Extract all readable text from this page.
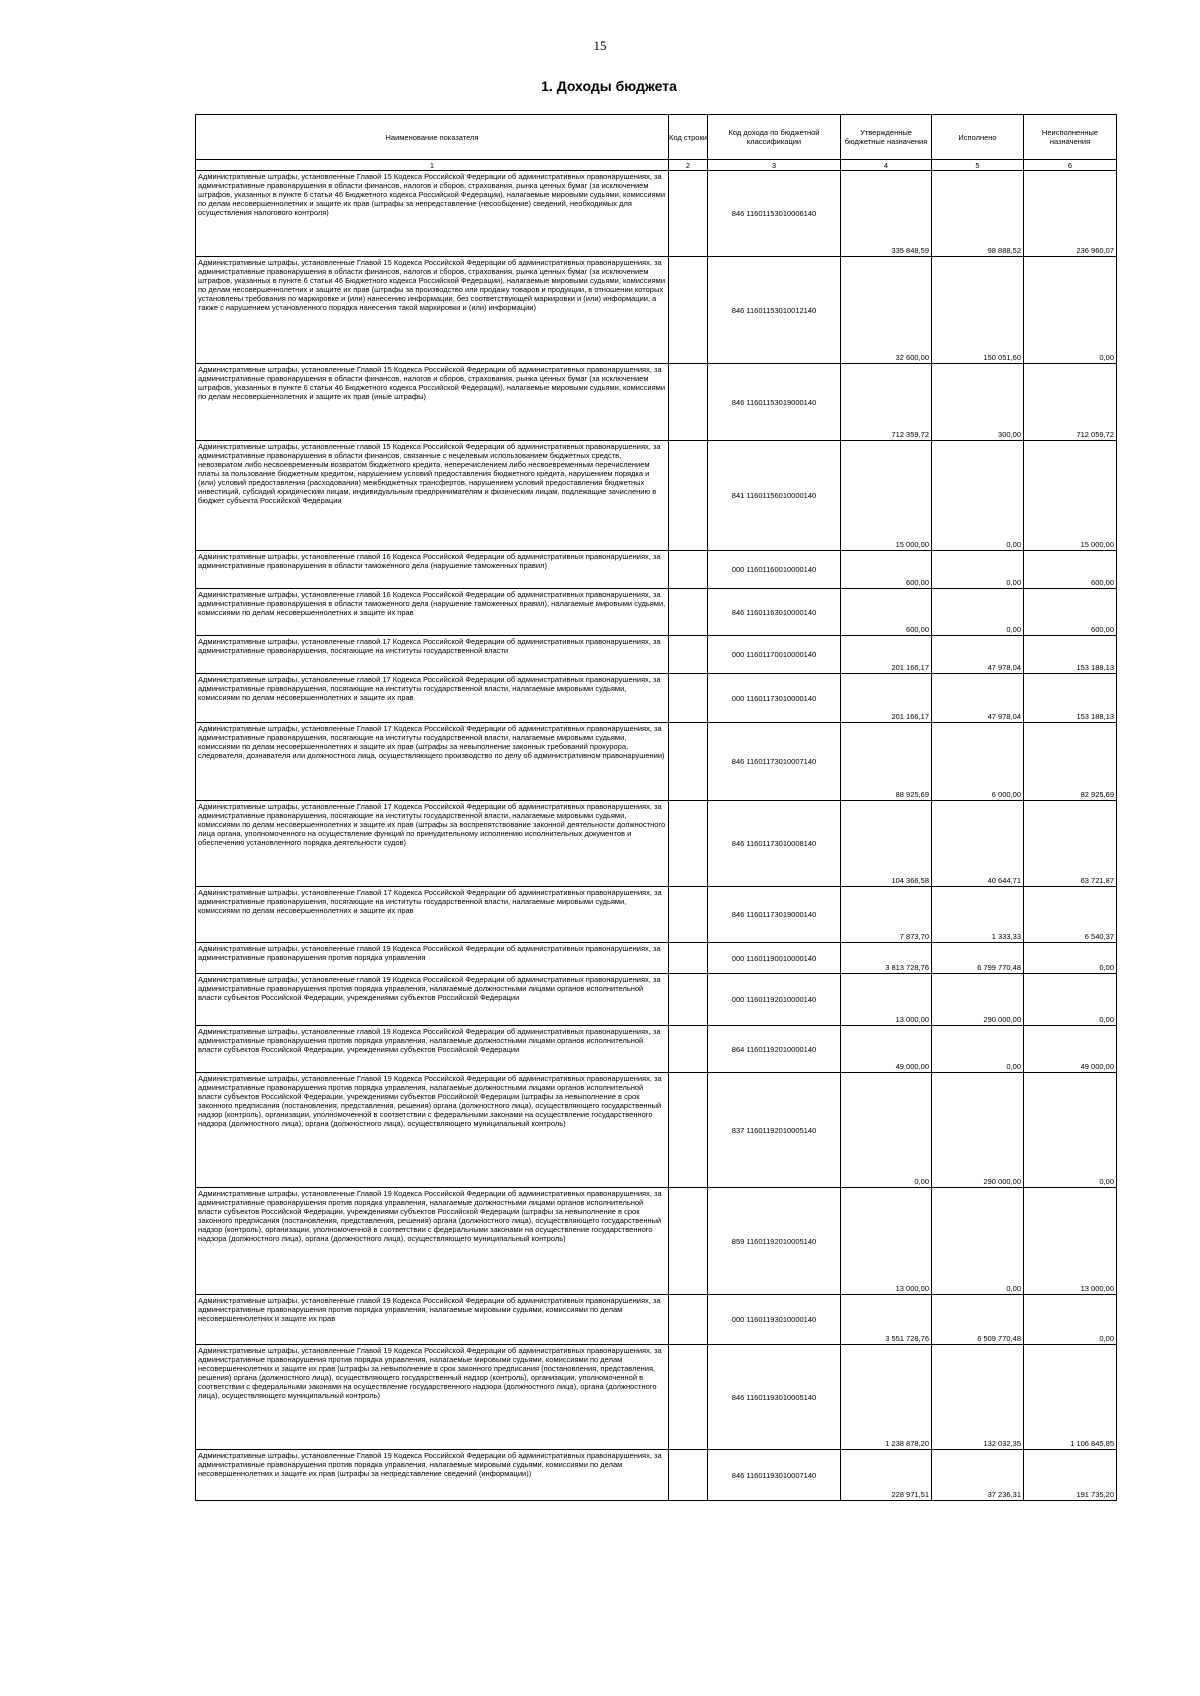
15
1. Доходы бюджета
Наименование показателя	Код строки	Код дохода по бюджетной классификации	Утвержденные бюджетные назначения	Исполнено	Неисполненные назначения
1	2	3	4	5	6

Административные штрафы, установленные Главой 15 Кодекса Российской Федерации об административных правонарушениях, за административные правонарушения в области финансов, налогов и сборов, страхования, рынка ценных бумаг (за исключением штрафов, указанных в пункте 6 статьи 46 Бюджетного кодекса Российской Федерации), налагаемые мировыми судьями, комиссиями по делам несовершеннолетних и защите их прав (штрафы за непредставление (несообщение) сведений, необходимых для осуществления налогового контроля)		846 11601153010006140	335 848,59	98 888,52	236 960,07

Административные штрафы, установленные Главой 15 Кодекса Российской Федерации об административных правонарушениях, за административные правонарушения в области финансов, налогов и сборов, страхования, рынка ценных бумаг (за исключением штрафов, указанных в пункте 6 статьи 46 Бюджетного кодекса Российской Федерации), налагаемые мировыми судьями, комиссиями по делам несовершеннолетних и защите их прав (штрафы за производство или продажу товаров и продукции, в отношении которых установлены требования по маркировке и (или) нанесению информации, без соответствующей маркировки и (или) информации, а также с нарушением установленного порядка нанесения такой маркировки и (или) информации)		846 11601153010012140	32 600,00	150 051,60	0,00

Административные штрафы, установленные Главой 15 Кодекса Российской Федерации об административных правонарушениях, за административные правонарушения в области финансов, налогов и сборов, страхования, рынка ценных бумаг (за исключением штрафов, указанных в пункте 6 статьи 46 Бюджетного кодекса Российской Федерации), налагаемые мировыми судьями, комиссиями по делам несовершеннолетних и защите их прав (иные штрафы)		846 11601153019000140	712 359,72	300,00	712 059,72

Административные штрафы, установленные главой 15 Кодекса Российской Федерации об административных правонарушениях, за административные правонарушения в области финансов, связанные с нецелевым использованием бюджетных средств, невозвратом либо несвоевременным возвратом бюджетного кредита, неперечислением либо несвоевременным перечислением платы за пользование бюджетным кредитом, нарушением условий предоставления бюджетного кредита, нарушением порядка и (или) условий предоставления (расходования) межбюджетных трансфертов, нарушением условий предоставления бюджетных инвестиций, субсидий юридическим лицам, индивидуальным предпринимателям и физическим лицам, подлежащие зачислению в бюджет субъекта Российской Федерации		841 11601156010000140	15 000,00	0,00	15 000,00

Административные штрафы, установленные главой 16 Кодекса Российской Федерации об административных правонарушениях, за административные правонарушения в области таможенного дела (нарушение таможенных правил)		000 11601160010000140	600,00	0,00	600,00

Административные штрафы, установленные главой 16 Кодекса Российской Федерации об административных правонарушениях, за административные правонарушения в области таможенного дела (нарушение таможенных правил), налагаемые мировыми судьями, комиссиями по делам несовершеннолетних и защите их прав		846 11601163010000140	600,00	0,00	600,00

Административные штрафы, установленные главой 17 Кодекса Российской Федерации об административных правонарушениях, за административные правонарушения, посягающие на институты государственной власти		000 11601170010000140	201 166,17	47 978,04	153 188,13

Административные штрафы, установленные главой 17 Кодекса Российской Федерации об административных правонарушениях, за административные правонарушения, посягающие на институты государственной власти, налагаемые мировыми судьями, комиссиями по делам несовершеннолетних и защите их прав		000 11601173010000140	201 166,17	47 978,04	153 188,13

Административные штрафы, установленные Главой 17 Кодекса Российской Федерации об административных правонарушениях, за административные правонарушения, посягающие на институты государственной власти, налагаемые мировыми судьями, комиссиями по делам несовершеннолетних и защите их прав (штрафы за невыполнение законных требований прокурора, следователя, дознавателя или должностного лица, осуществляющего производство по делу об административном правонарушении)		846 11601173010007140	88 925,69	6 000,00	82 925,69

Административные штрафы, установленные Главой 17 Кодекса Российской Федерации об административных правонарушениях, за административные правонарушения, посягающие на институты государственной власти, налагаемые мировыми судьями, комиссиями по делам несовершеннолетних и защите их прав (штрафы за воспрепятствование законной деятельности должностного лица органа, уполномоченного на осуществление функций по принудительному исполнению исполнительных документов и обеспечению установленного порядка деятельности судов)		846 11601173010008140	104 366,58	40 644,71	63 721,87

Административные штрафы, установленные Главой 17 Кодекса Российской Федерации об административных правонарушениях, за административные правонарушения, посягающие на институты государственной власти, налагаемые мировыми судьями, комиссиями по делам несовершеннолетних и защите их прав		846 11601173019000140	7 873,70	1 333,33	6 540,37

Административные штрафы, установленные главой 19 Кодекса Российской Федерации об административных правонарушениях, за административные правонарушения против порядка управления		000 11601190010000140	3 813 728,76	6 799 770,48	0,00

Административные штрафы, установленные главой 19 Кодекса Российской Федерации об административных правонарушениях, за административные правонарушения против порядка управления, налагаемые должностными лицами органов исполнительной власти субъектов Российской Федерации, учреждениями субъектов Российской Федерации		000 11601192010000140	13 000,00	290 000,00	0,00

Административные штрафы, установленные главой 19 Кодекса Российской Федерации об административных правонарушениях, за административные правонарушения против порядка управления, налагаемые должностными лицами органов исполнительной власти субъектов Российской Федерации, учреждениями субъектов Российской Федерации		864 11601192010000140	49 000,00	0,00	49 000,00

Административные штрафы, установленные Главой 19 Кодекса Российской Федерации об административных правонарушениях, за административные правонарушения против порядка управления, налагаемые должностными лицами органов исполнительной власти субъектов Российской Федерации, учреждениями субъектов Российской Федерации (штрафы за невыполнение в срок законного предписания (постановления, представления, решения) органа (должностного лица), осуществляющего государственный надзор (контроль), организации, уполномоченной в соответствии с федеральными законами на осуществление государственного надзора (должностного лица), органа (должностного лица), осуществляющего муниципальный контроль)		837 11601192010005140	0,00	290 000,00	0,00

Административные штрафы, установленные Главой 19 Кодекса Российской Федерации об административных правонарушениях, за административные правонарушения против порядка управления, налагаемые должностными лицами органов исполнительной власти субъектов Российской Федерации, учреждениями субъектов Российской Федерации (штрафы за невыполнение в срок законного предписания (постановления, представления, решения) органа (должностного лица), осуществляющего государственный надзор (контроль), организации, уполномоченной в соответствии с федеральными законами на осуществление государственного надзора (должностного лица), органа (должностного лица), осуществляющего муниципальный контроль)		859 11601192010005140	13 000,00	0,00	13 000,00

Административные штрафы, установленные главой 19 Кодекса Российской Федерации об административных правонарушениях, за административные правонарушения против порядка управления, налагаемые мировыми судьями, комиссиями по делам несовершеннолетних и защите их прав		000 11601193010000140	3 551 728,76	6 509 770,48	0,00

Административные штрафы, установленные Главой 19 Кодекса Российской Федерации об административных правонарушениях, за административные правонарушения против порядка управления, налагаемые мировыми судьями, комиссиями по делам несовершеннолетних и защите их прав (штрафы за невыполнение в срок законного предписания (постановления, представления, решения) органа (должностного лица), осуществляющего государственный надзор (контроль), организации, уполномоченной в соответствии с федеральными законами на осуществление государственного надзора (должностного лица), органа (должностного лица), осуществляющего муниципальный контроль)		846 11601193010005140	1 238 878,20	132 032,35	1 106 845,85

Административные штрафы, установленные Главой 19 Кодекса Российской Федерации об административных правонарушениях, за административные правонарушения против порядка управления, налагаемые мировыми судьями, комиссиями по делам несовершеннолетних и защите их прав (штрафы за непредставление сведений (информации))		846 11601193010007140	228 971,51	37 236,31	191 735,20
